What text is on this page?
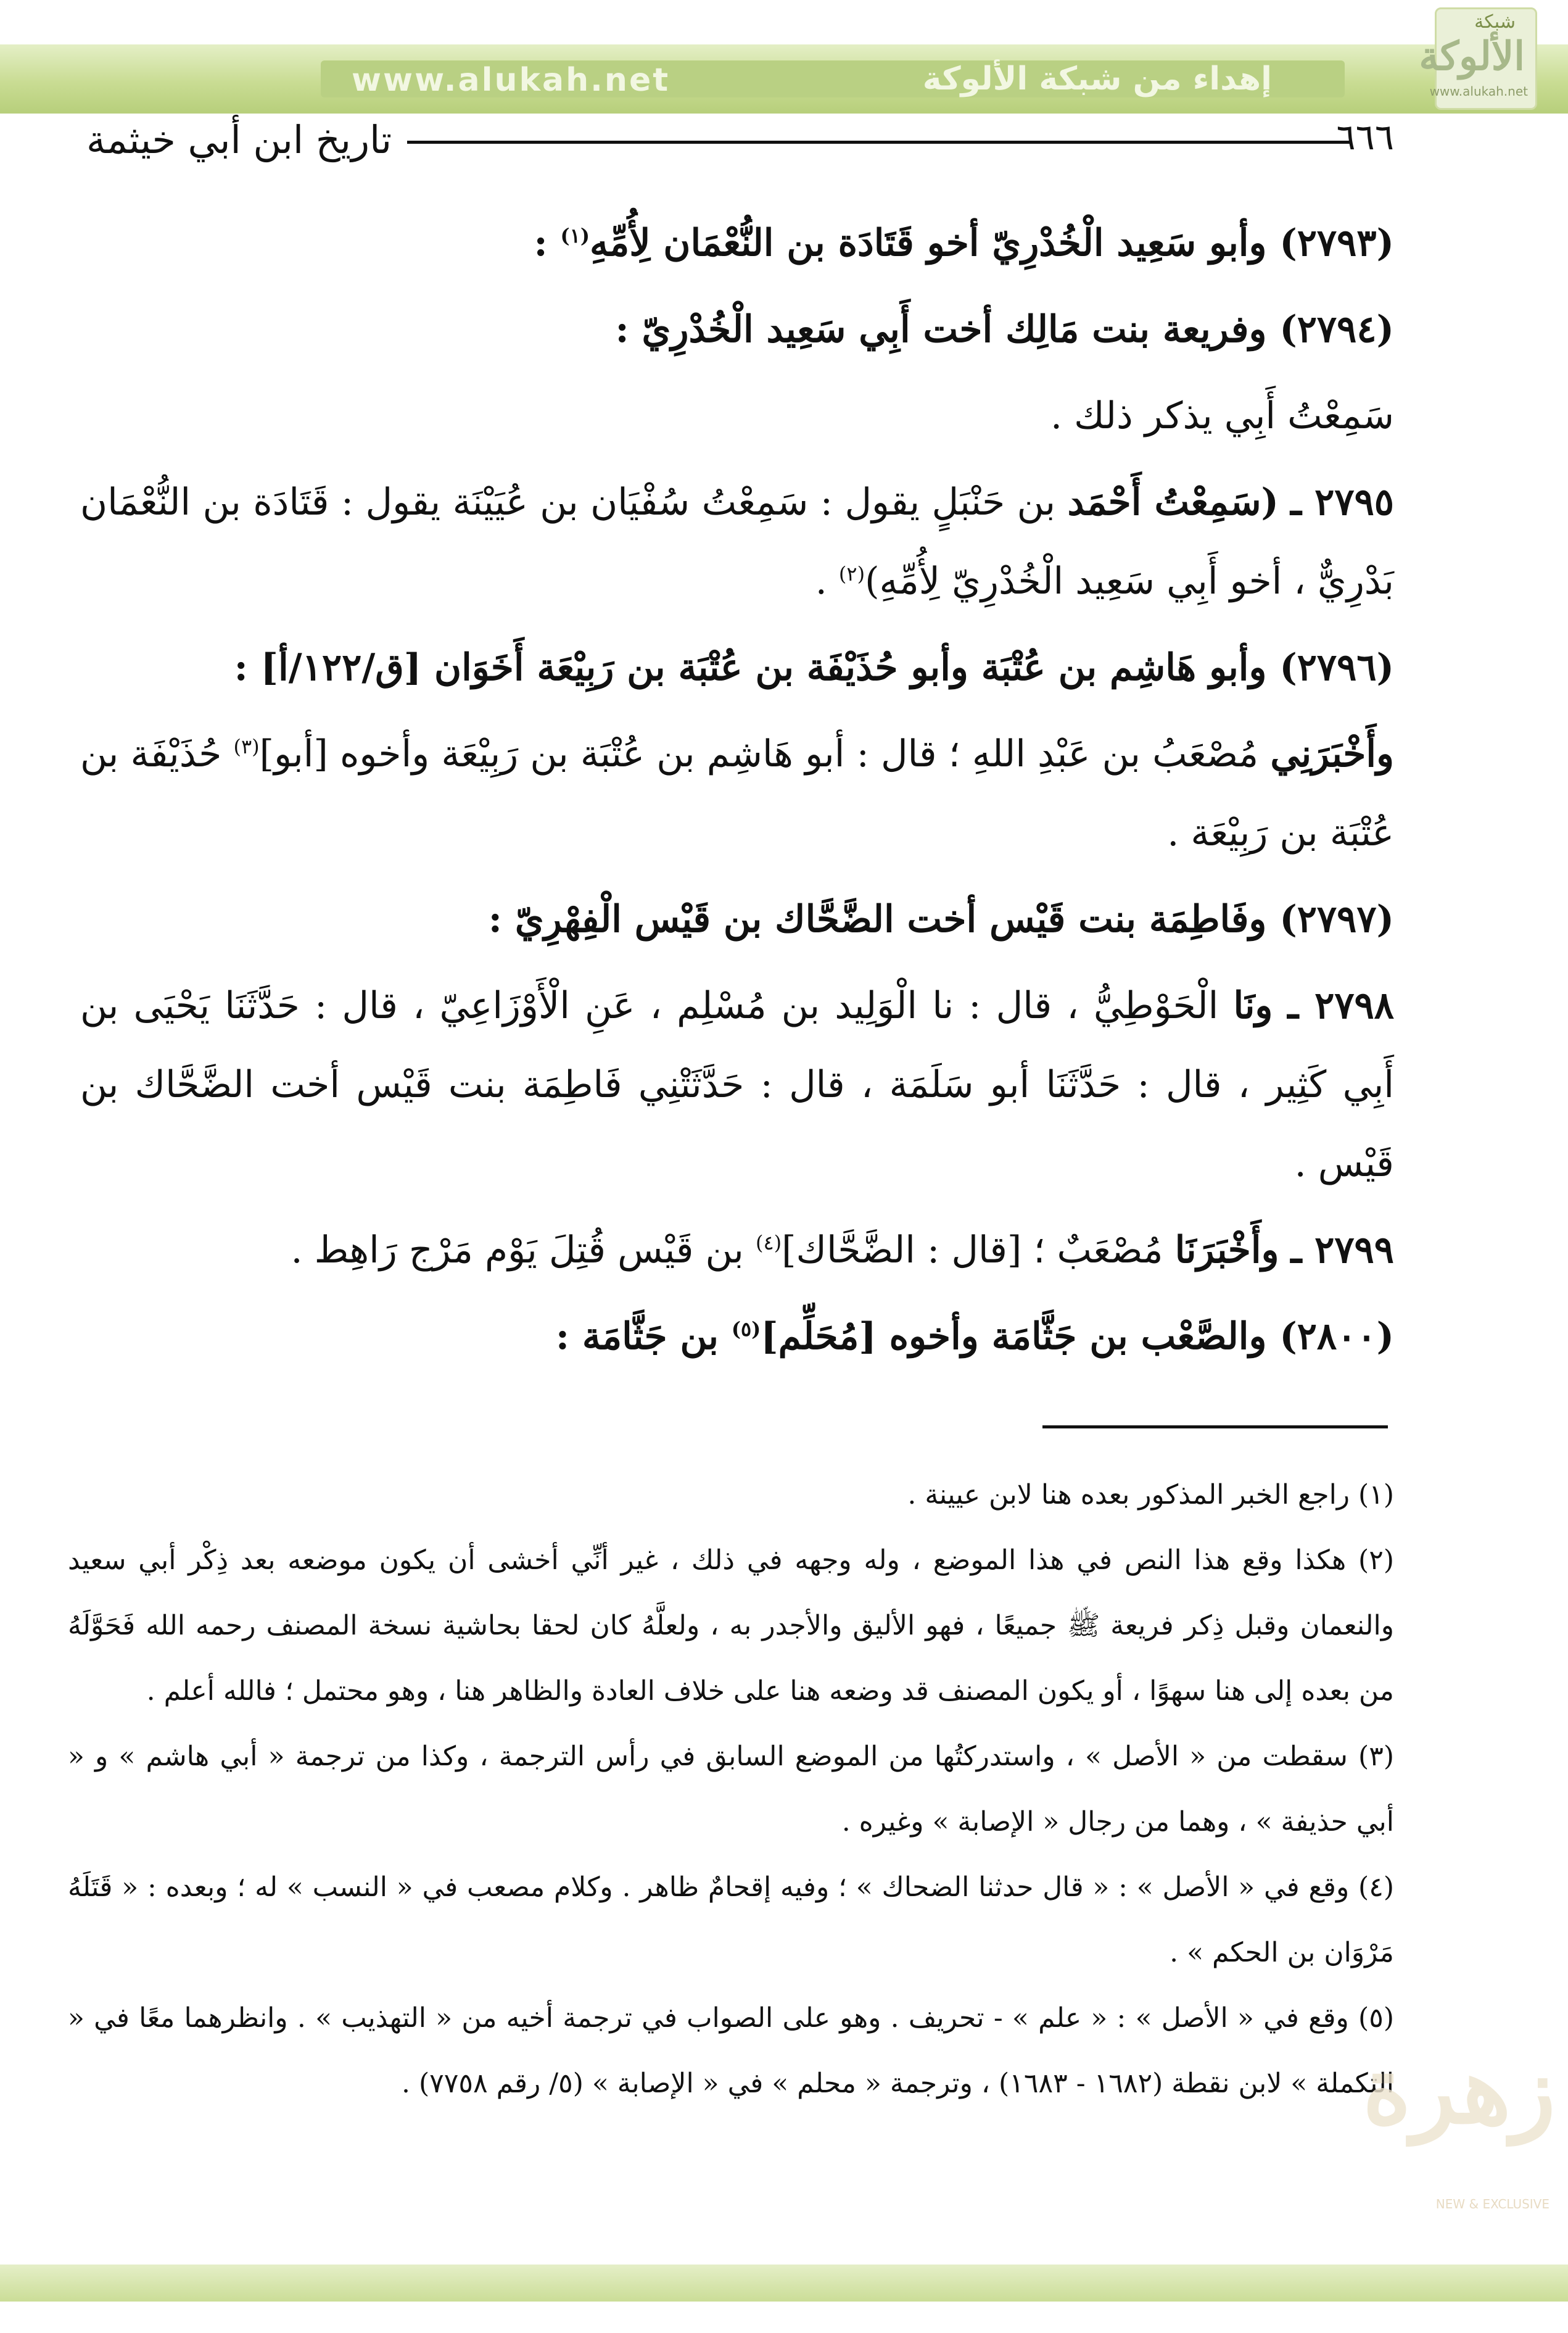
www.alukah.net	إهداء من شبكة الألوكة
شبكة
الألوكة
www.alukah.net
تاريخ ابن أبي خيثمة	٦٦٦

(٢٧٩٣) وأبو سَعِيد الْخُدْرِيّ أخو قَتَادَة بن النُّعْمَان لِأُمِّهِ$^{(١)}$ :

(٢٧٩٤) وفريعة بنت مَالِك أخت أَبِي سَعِيد الْخُدْرِيّ :

سَمِعْتُ أَبِي يذكر ذلك .

٢٧٩٥ ـ (سَمِعْتُ أَحْمَد بن حَنْبَلٍ يقول : سَمِعْتُ سُفْيَان بن عُيَيْنَة يقول : قَتَادَة بن النُّعْمَان بَدْرِيٌّ ، أخو أَبِي سَعِيد الْخُدْرِيّ لِأُمِّهِ)$^{(٢)}$ .

(٢٧٩٦) وأبو هَاشِم بن عُتْبَة وأبو حُذَيْفَة بن عُتْبَة بن رَبِيْعَة أَخَوَان [ق/١٢٢/أ] :

وأَخْبَرَنِي مُصْعَبُ بن عَبْدِ اللهِ ؛ قال : أبو هَاشِم بن عُتْبَة بن رَبِيْعَة وأخوه [أبو]$^{(٣)}$ حُذَيْفَة بن عُتْبَة بن رَبِيْعَة .

(٢٧٩٧) وفَاطِمَة بنت قَيْس أخت الضَّحَّاك بن قَيْس الْفِهْرِيّ :

٢٧٩٨ ـ ونَا الْحَوْطِيُّ ، قال : نا الْوَلِيد بن مُسْلِم ، عَنِ الْأَوْزَاعِيّ ، قال : حَدَّثَنَا يَحْيَى بن أَبِي كَثِير ، قال : حَدَّثَنَا أبو سَلَمَة ، قال : حَدَّثَتْنِي فَاطِمَة بنت قَيْس أخت الضَّحَّاك بن قَيْس .

٢٧٩٩ ـ وأَخْبَرَنَا مُصْعَبٌ ؛ [قال : الضَّحَّاك]$^{(٤)}$ بن قَيْس قُتِلَ يَوْم مَرْج رَاهِط .

(٢٨٠٠) والصَّعْب بن جَثَّامَة وأخوه [مُحَلِّم]$^{(٥)}$ بن جَثَّامَة :

(١) راجع الخبر المذكور بعده هنا لابن عيينة .

(٢) هكذا وقع هذا النص في هذا الموضع ، وله وجهه في ذلك ، غير أنِّي أخشى أن يكون موضعه بعد ذِكْر أبي سعيد والنعمان وقبل ذِكر فريعة ﷺ جميعًا ، فهو الأليق والأجدر به ، ولعلَّهُ كان لحقا بحاشية نسخة المصنف رحمه الله فَحَوَّلَهُ من بعده إلى هنا سهوًا ، أو يكون المصنف قد وضعه هنا على خلاف العادة والظاهر هنا ، وهو محتمل ؛ فالله أعلم .

(٣) سقطت من « الأصل » ، واستدركتُها من الموضع السابق في رأس الترجمة ، وكذا من ترجمة « أبي هاشم » و « أبي حذيفة » ، وهما من رجال « الإصابة » وغيره .

(٤) وقع في « الأصل » : « قال حدثنا الضحاك » ؛ وفيه إقحامٌ ظاهر . وكلام مصعب في « النسب » له ؛ وبعده : « قَتَلَهُ مَرْوَان بن الحكم » .

(٥) وقع في « الأصل » : « علم » - تحريف . وهو على الصواب في ترجمة أخيه من « التهذيب » . وانظرهما معًا في « التكملة » لابن نقطة (١٦٨٢ - ١٦٨٣) ، وترجمة « محلم » في « الإصابة » (٥/ رقم ٧٧٥٨) .

زهرة
NEW & EXCLUSIVE
